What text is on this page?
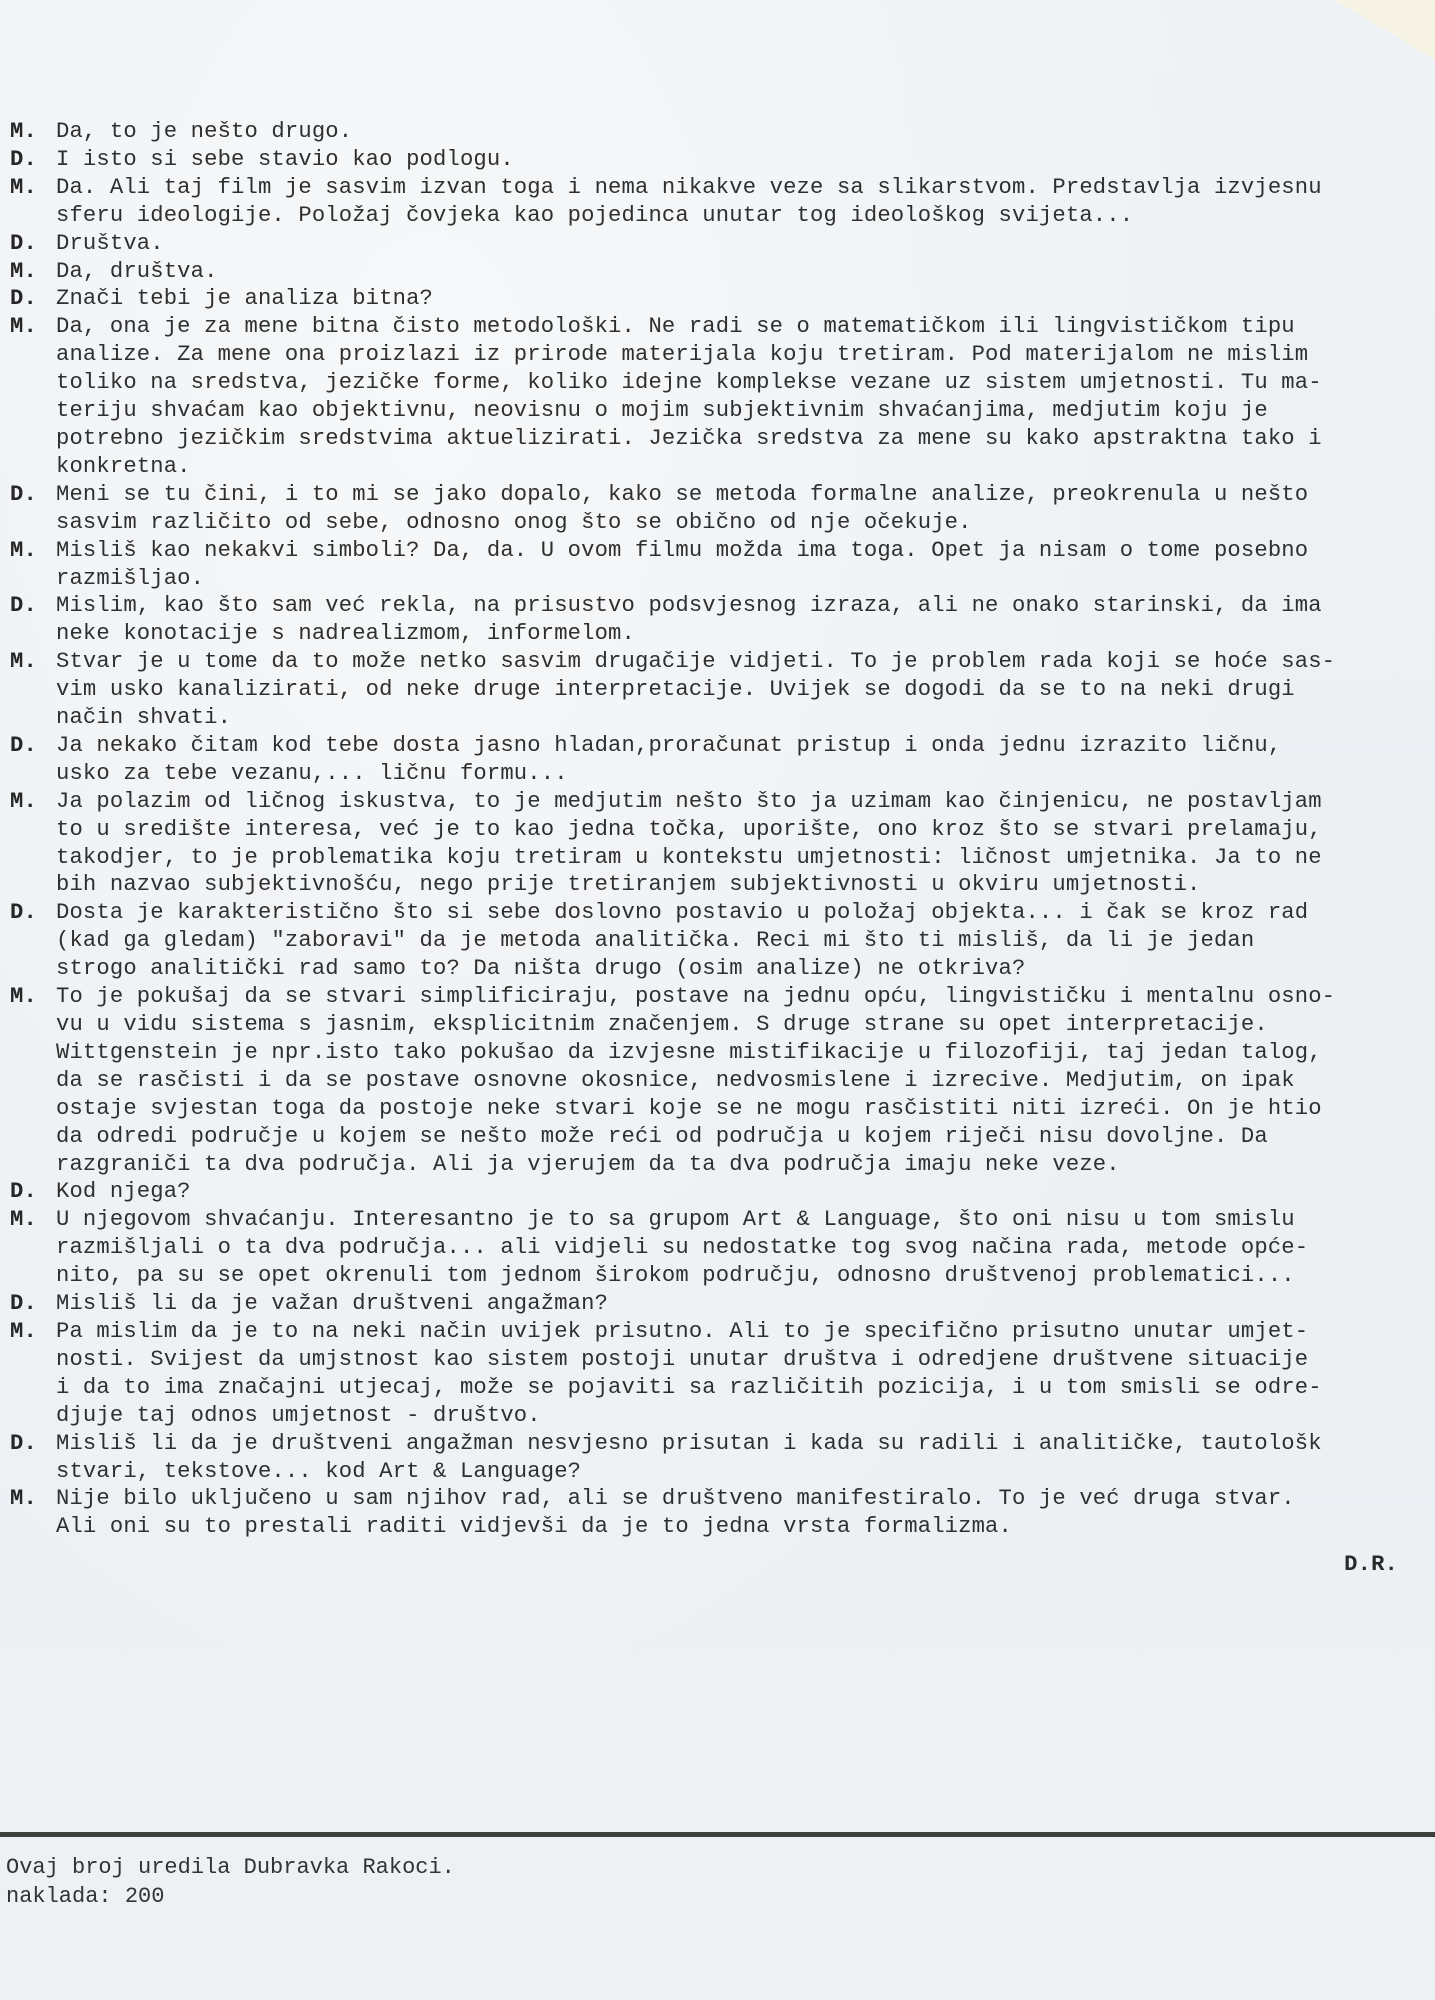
M. Da, to je nešto drugo.
D. I isto si sebe stavio kao podlogu.
M. Da. Ali taj film je sasvim izvan toga i nema nikakve veze sa slikarstvom. Predstavlja izvjesnu
sferu ideologije. Položaj čovjeka kao pojedinca unutar tog ideološkog svijeta...
D. Društva.
M. Da, društva.
D. Znači tebi je analiza bitna?
M. Da, ona je za mene bitna čisto metodološki. Ne radi se o matematičkom ili lingvističkom tipu
analize. Za mene ona proizlazi iz prirode materijala koju tretiram. Pod materijalom ne mislim
toliko na sredstva, jezičke forme, koliko idejne komplekse vezane uz sistem umjetnosti. Tu ma-
teriju shvaćam kao objektivnu, neovisnu o mojim subjektivnim shvaćanjima, medjutim koju je
potrebno jezičkim sredstvima aktuelizirati. Jezička sredstva za mene su kako apstraktna tako i
konkretna.
D. Meni se tu čini, i to mi se jako dopalo, kako se metoda formalne analize, preokrenula u nešto
sasvim različito od sebe, odnosno onog što se obično od nje očekuje.
M. Misliš kao nekakvi simboli? Da, da. U ovom filmu možda ima toga. Opet ja nisam o tome posebno
razmišljao.
D. Mislim, kao što sam već rekla, na prisustvo podsvjesnog izraza, ali ne onako starinski, da ima
neke konotacije s nadrealizmom, informelom.
M. Stvar je u tome da to može netko sasvim drugačije vidjeti. To je problem rada koji se hoće sas-
vim usko kanalizirati, od neke druge interpretacije. Uvijek se dogodi da se to na neki drugi
način shvati.
D. Ja nekako čitam kod tebe dosta jasno hladan,proračunat pristup i onda jednu izrazito ličnu,
usko za tebe vezanu,... ličnu formu...
M. Ja polazim od ličnog iskustva, to je medjutim nešto što ja uzimam kao činjenicu, ne postavljam
to u središte interesa, već je to kao jedna točka, uporište, ono kroz što se stvari prelamaju,
takodjer, to je problematika koju tretiram u kontekstu umjetnosti: ličnost umjetnika. Ja to ne
bih nazvao subjektivnošću, nego prije tretiranjem subjektivnosti u okviru umjetnosti.
D. Dosta je karakteristično što si sebe doslovno postavio u položaj objekta... i čak se kroz rad
(kad ga gledam) "zaboravi" da je metoda analitička. Reci mi što ti misliš, da li je jedan
strogo analitički rad samo to? Da ništa drugo (osim analize) ne otkriva?
M. To je pokušaj da se stvari simplificiraju, postave na jednu opću, lingvističku i mentalnu osno-
vu u vidu sistema s jasnim, eksplicitnim značenjem. S druge strane su opet interpretacije.
Wittgenstein je npr.isto tako pokušao da izvjesne mistifikacije u filozofiji, taj jedan talog,
da se rasčisti i da se postave osnovne okosnice, nedvosmislene i izrecive. Medjutim, on ipak
ostaje svjestan toga da postoje neke stvari koje se ne mogu rasčistiti niti izreći. On je htio
da odredi područje u kojem se nešto može reći od područja u kojem riječi nisu dovoljne. Da
razgraniči ta dva područja. Ali ja vjerujem da ta dva područja imaju neke veze.
D. Kod njega?
M. U njegovom shvaćanju. Interesantno je to sa grupom Art & Language, što oni nisu u tom smislu
razmišljali o ta dva područja... ali vidjeli su nedostatke tog svog načina rada, metode opće-
nito, pa su se opet okrenuli tom jednom širokom području, odnosno društvenoj problematici...
D. Misliš li da je važan društveni angažman?
M. Pa mislim da je to na neki način uvijek prisutno. Ali to je specifično prisutno unutar umjet-
nosti. Svijest da umjstnost kao sistem postoji unutar društva i odredjene društvene situacije
i da to ima značajni utjecaj, može se pojaviti sa različitih pozicija, i u tom smisli se odre-
djuje taj odnos umjetnost - društvo.
D. Misliš li da je društveni angažman nesvjesno prisutan i kada su radili i analitičke, tautološk
stvari, tekstove... kod Art & Language?
M. Nije bilo uključeno u sam njihov rad, ali se društveno manifestiralo. To je već druga stvar.
Ali oni su to prestali raditi vidjevši da je to jedna vrsta formalizma.
D.R.
Ovaj broj uredila Dubravka Rakoci.
naklada: 200
